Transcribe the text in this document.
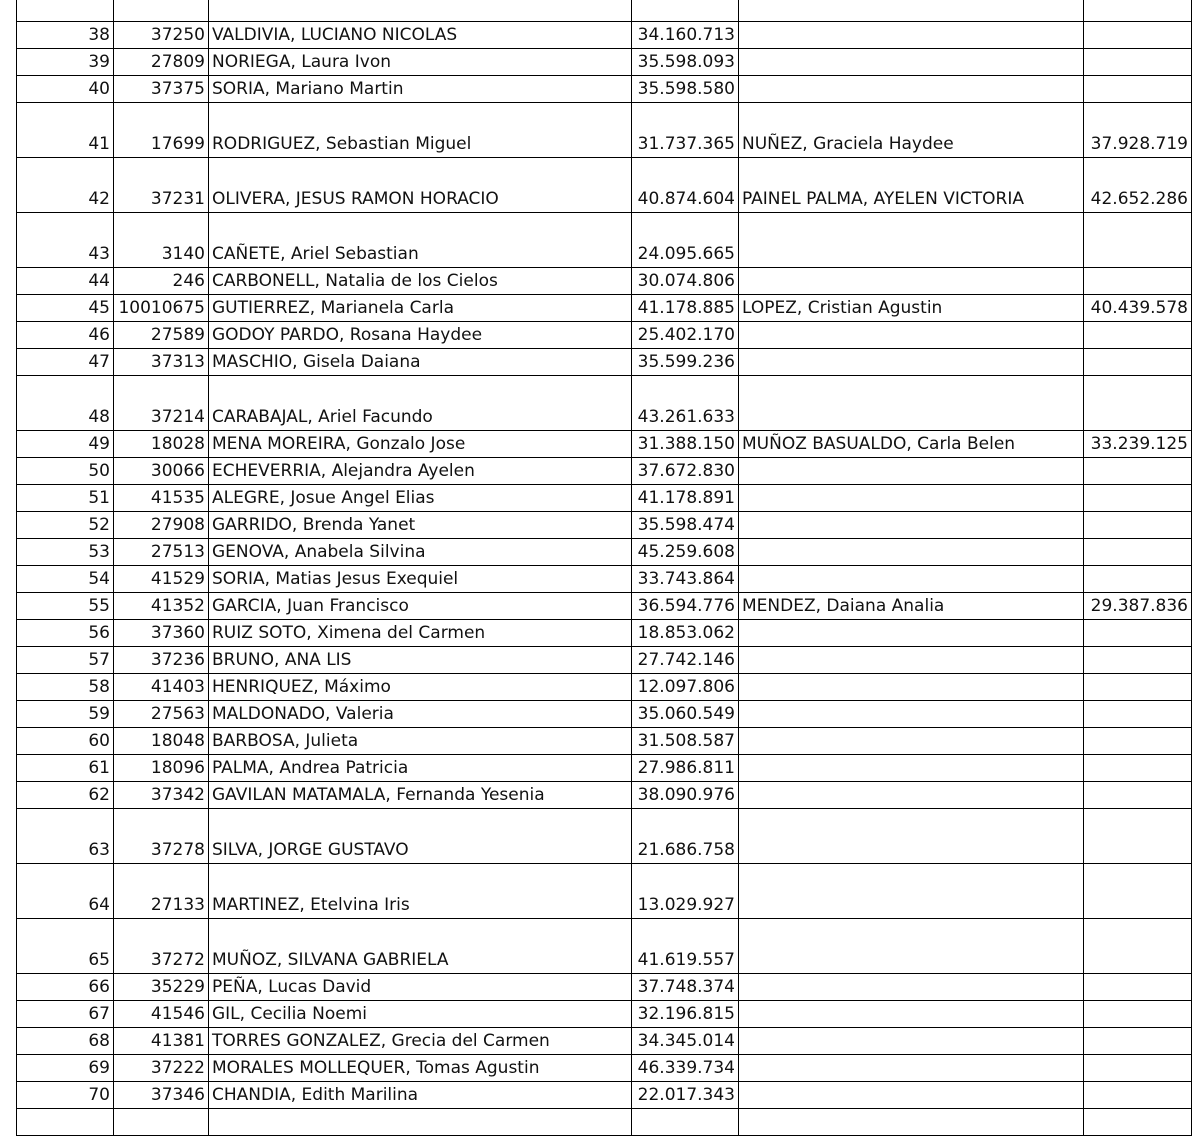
38	37250	VALDIVIA, LUCIANO NICOLAS	34.160.713		
39	27809	NORIEGA, Laura Ivon	35.598.093		
40	37375	SORIA, Mariano Martin	35.598.580		
41	17699	RODRIGUEZ, Sebastian Miguel	31.737.365	NUÑEZ, Graciela Haydee	37.928.719
42	37231	OLIVERA, JESUS RAMON HORACIO	40.874.604	PAINEL PALMA, AYELEN VICTORIA	42.652.286
43	3140	CAÑETE, Ariel Sebastian	24.095.665		
44	246	CARBONELL, Natalia de los Cielos	30.074.806		
45	10010675	GUTIERREZ, Marianela Carla	41.178.885	LOPEZ, Cristian Agustin	40.439.578
46	27589	GODOY PARDO, Rosana Haydee	25.402.170		
47	37313	MASCHIO, Gisela Daiana	35.599.236		
48	37214	CARABAJAL, Ariel Facundo	43.261.633		
49	18028	MENA MOREIRA, Gonzalo Jose	31.388.150	MUÑOZ BASUALDO, Carla Belen	33.239.125
50	30066	ECHEVERRIA, Alejandra Ayelen	37.672.830		
51	41535	ALEGRE, Josue Angel Elias	41.178.891		
52	27908	GARRIDO, Brenda Yanet	35.598.474		
53	27513	GENOVA, Anabela Silvina	45.259.608		
54	41529	SORIA, Matias Jesus Exequiel	33.743.864		
55	41352	GARCIA, Juan Francisco	36.594.776	MENDEZ, Daiana Analia	29.387.836
56	37360	RUIZ SOTO, Ximena del Carmen	18.853.062		
57	37236	BRUNO, ANA LIS	27.742.146		
58	41403	HENRIQUEZ, Máximo	12.097.806		
59	27563	MALDONADO, Valeria	35.060.549		
60	18048	BARBOSA, Julieta	31.508.587		
61	18096	PALMA, Andrea Patricia	27.986.811		
62	37342	GAVILAN MATAMALA, Fernanda Yesenia	38.090.976		
63	37278	SILVA, JORGE GUSTAVO	21.686.758		
64	27133	MARTINEZ, Etelvina Iris	13.029.927		
65	37272	MUÑOZ, SILVANA GABRIELA	41.619.557		
66	35229	PEÑA, Lucas David	37.748.374		
67	41546	GIL, Cecilia Noemi	32.196.815		
68	41381	TORRES GONZALEZ, Grecia del Carmen	34.345.014		
69	37222	MORALES MOLLEQUER, Tomas Agustin	46.339.734		
70	37346	CHANDIA, Edith Marilina	22.017.343		
